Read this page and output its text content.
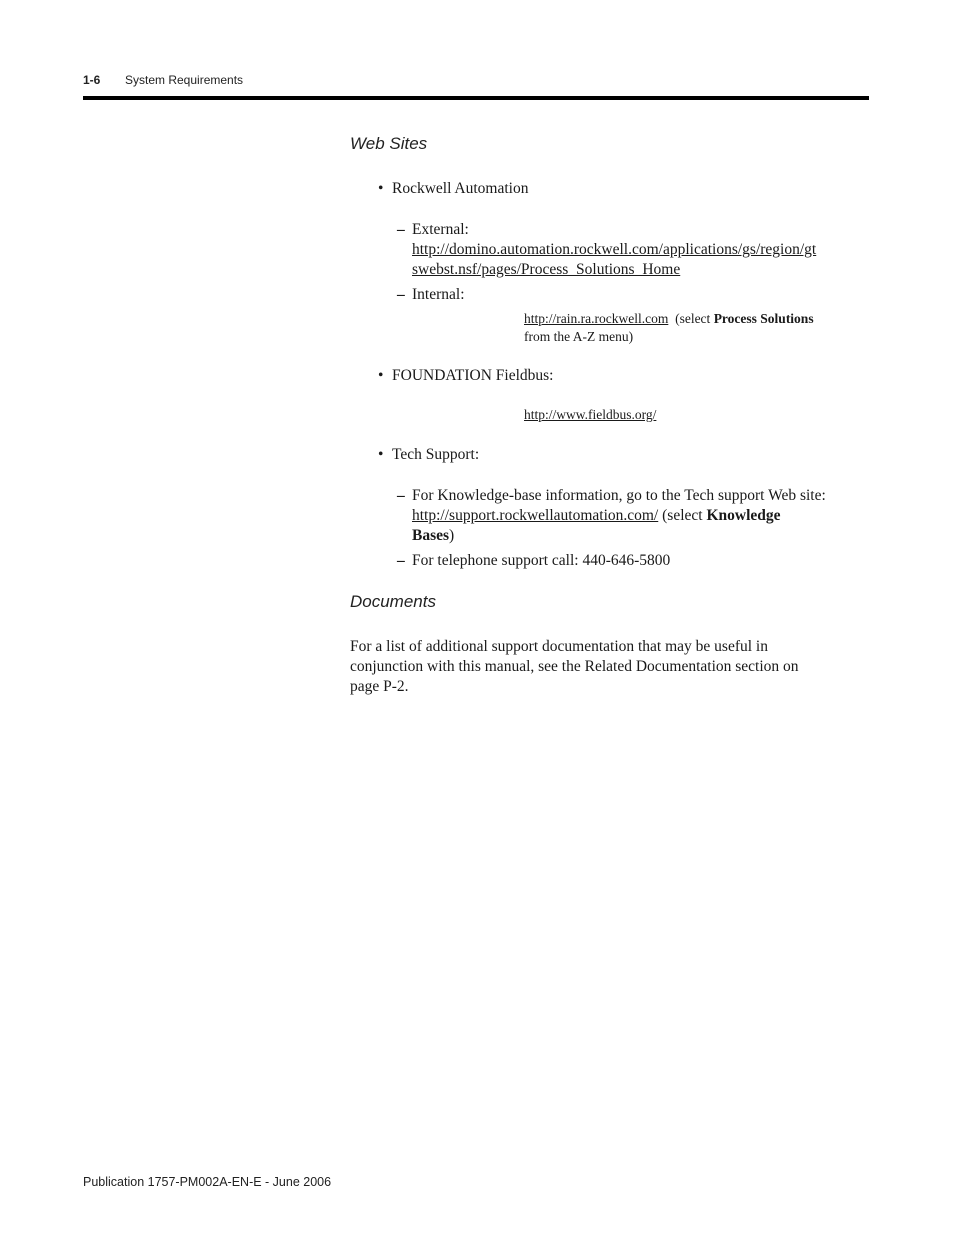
1-6 System Requirements
Web Sites
• Rockwell Automation
– External:
http://domino.automation.rockwell.com/applications/gs/region/gt
swebst.nsf/pages/Process_Solutions_Home
– Internal:
http://rain.ra.rockwell.com (select Process Solutions
from the A-Z menu)
• FOUNDATION Fieldbus:
http://www.fieldbus.org/
• Tech Support:
– For Knowledge-base information, go to the Tech support Web site:
http://support.rockwellautomation.com/ (select Knowledge
Bases)
– For telephone support call: 440-646-5800
Documents
For a list of additional support documentation that may be useful in
conjunction with this manual, see the Related Documentation section on
page P-2.
Publication 1757-PM002A-EN-E - June 2006
